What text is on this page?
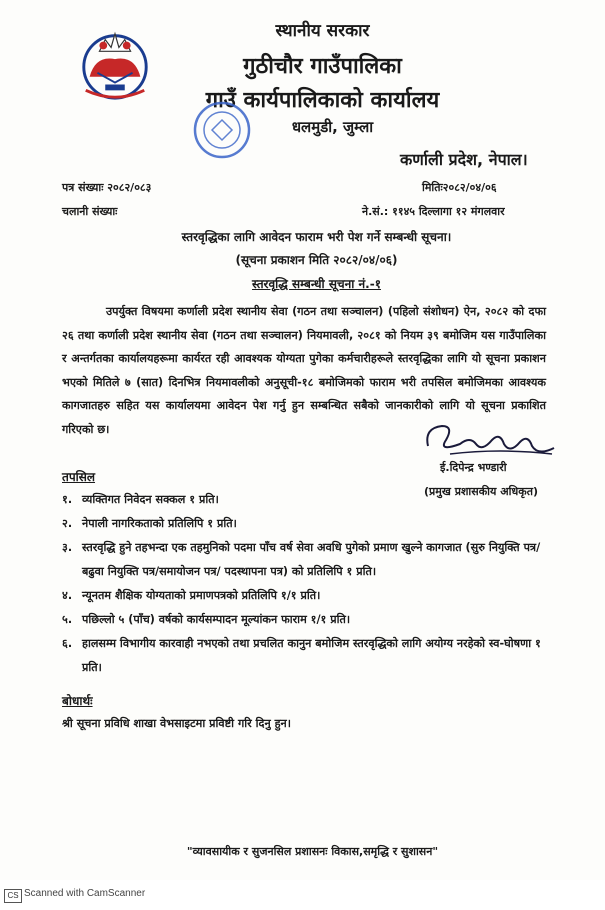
स्थानीय सरकार
गुठीचौर गाउँपालिका
गाउँ कार्यपालिकाको कार्यालय
धलमुडी, जुम्ला
कर्णाली प्रदेश, नेपाल।
पत्र संख्याः २०८२/०८३	मितिः२०८२/०४/०६
चलानी संख्याः	ने.सं.: ११४५ दिल्लागा १२ मंगलवार
स्तरवृद्धिका लागि आवेदन फाराम भरी पेश गर्ने सम्बन्धी सूचना।
(सूचना प्रकाशन मिति २०८२/०४/०६)
स्तरवृद्धि सम्बन्धी सूचना नं.-१

उपर्युक्त विषयमा कर्णाली प्रदेश स्थानीय सेवा (गठन तथा सञ्चालन) (पहिलो संशोधन) ऐन, २०८२ को दफा २६ तथा कर्णाली प्रदेश स्थानीय सेवा (गठन तथा सञ्चालन) नियमावली, २०८१ को नियम ३९ बमोजिम यस गाउँपालिका र अन्तर्गतका कार्यालयहरूमा कार्यरत रही आवश्यक योग्यता पुगेका कर्मचारीहरूले स्तरवृद्धिका लागि यो सूचना प्रकाशन भएको मितिले ७ (सात) दिनभित्र नियमावलीको अनुसूची-१८ बमोजिमको फाराम भरी तपसिल बमोजिमका आवश्यक कागजातहरु सहित यस कार्यालयमा आवेदन पेश गर्नु हुन सम्बन्धित सबैको जानकारीको लागि यो सूचना प्रकाशित गरिएको छ।

तपसिल
ई.दिपेन्द्र भण्डारी
(प्रमुख प्रशासकीय अधिकृत)
१. व्यक्तिगत निवेदन सक्कल १ प्रति।
२. नेपाली नागरिकताको प्रतिलिपि १ प्रति।
३. स्तरवृद्धि हुने तहभन्दा एक तहमुनिको पदमा पाँच वर्ष सेवा अवधि पुगेको प्रमाण खुल्ने कागजात (सुरु नियुक्ति पत्र/बढुवा नियुक्ति पत्र/समायोजन पत्र/ पदस्थापना पत्र) को प्रतिलिपि १ प्रति।
४. न्यूनतम शैक्षिक योग्यताको प्रमाणपत्रको प्रतिलिपि १/१ प्रति।
५. पछिल्लो ५ (पाँच) वर्षको कार्यसम्पादन मूल्यांकन फाराम १/१ प्रति।
६. हालसम्म विभागीय कारवाही नभएको तथा प्रचलित कानुन बमोजिम स्तरवृद्धिको लागि अयोग्य नरहेको स्व-घोषणा १ प्रति।
बोधार्थः
श्री सूचना प्रविधि शाखा वेभसाइटमा प्रविष्टी गरि दिनु हुन।
"व्यावसायीक र सुजनसिल प्रशासनः विकास,समृद्धि र सुशासन"
CS Scanned with CamScanner
